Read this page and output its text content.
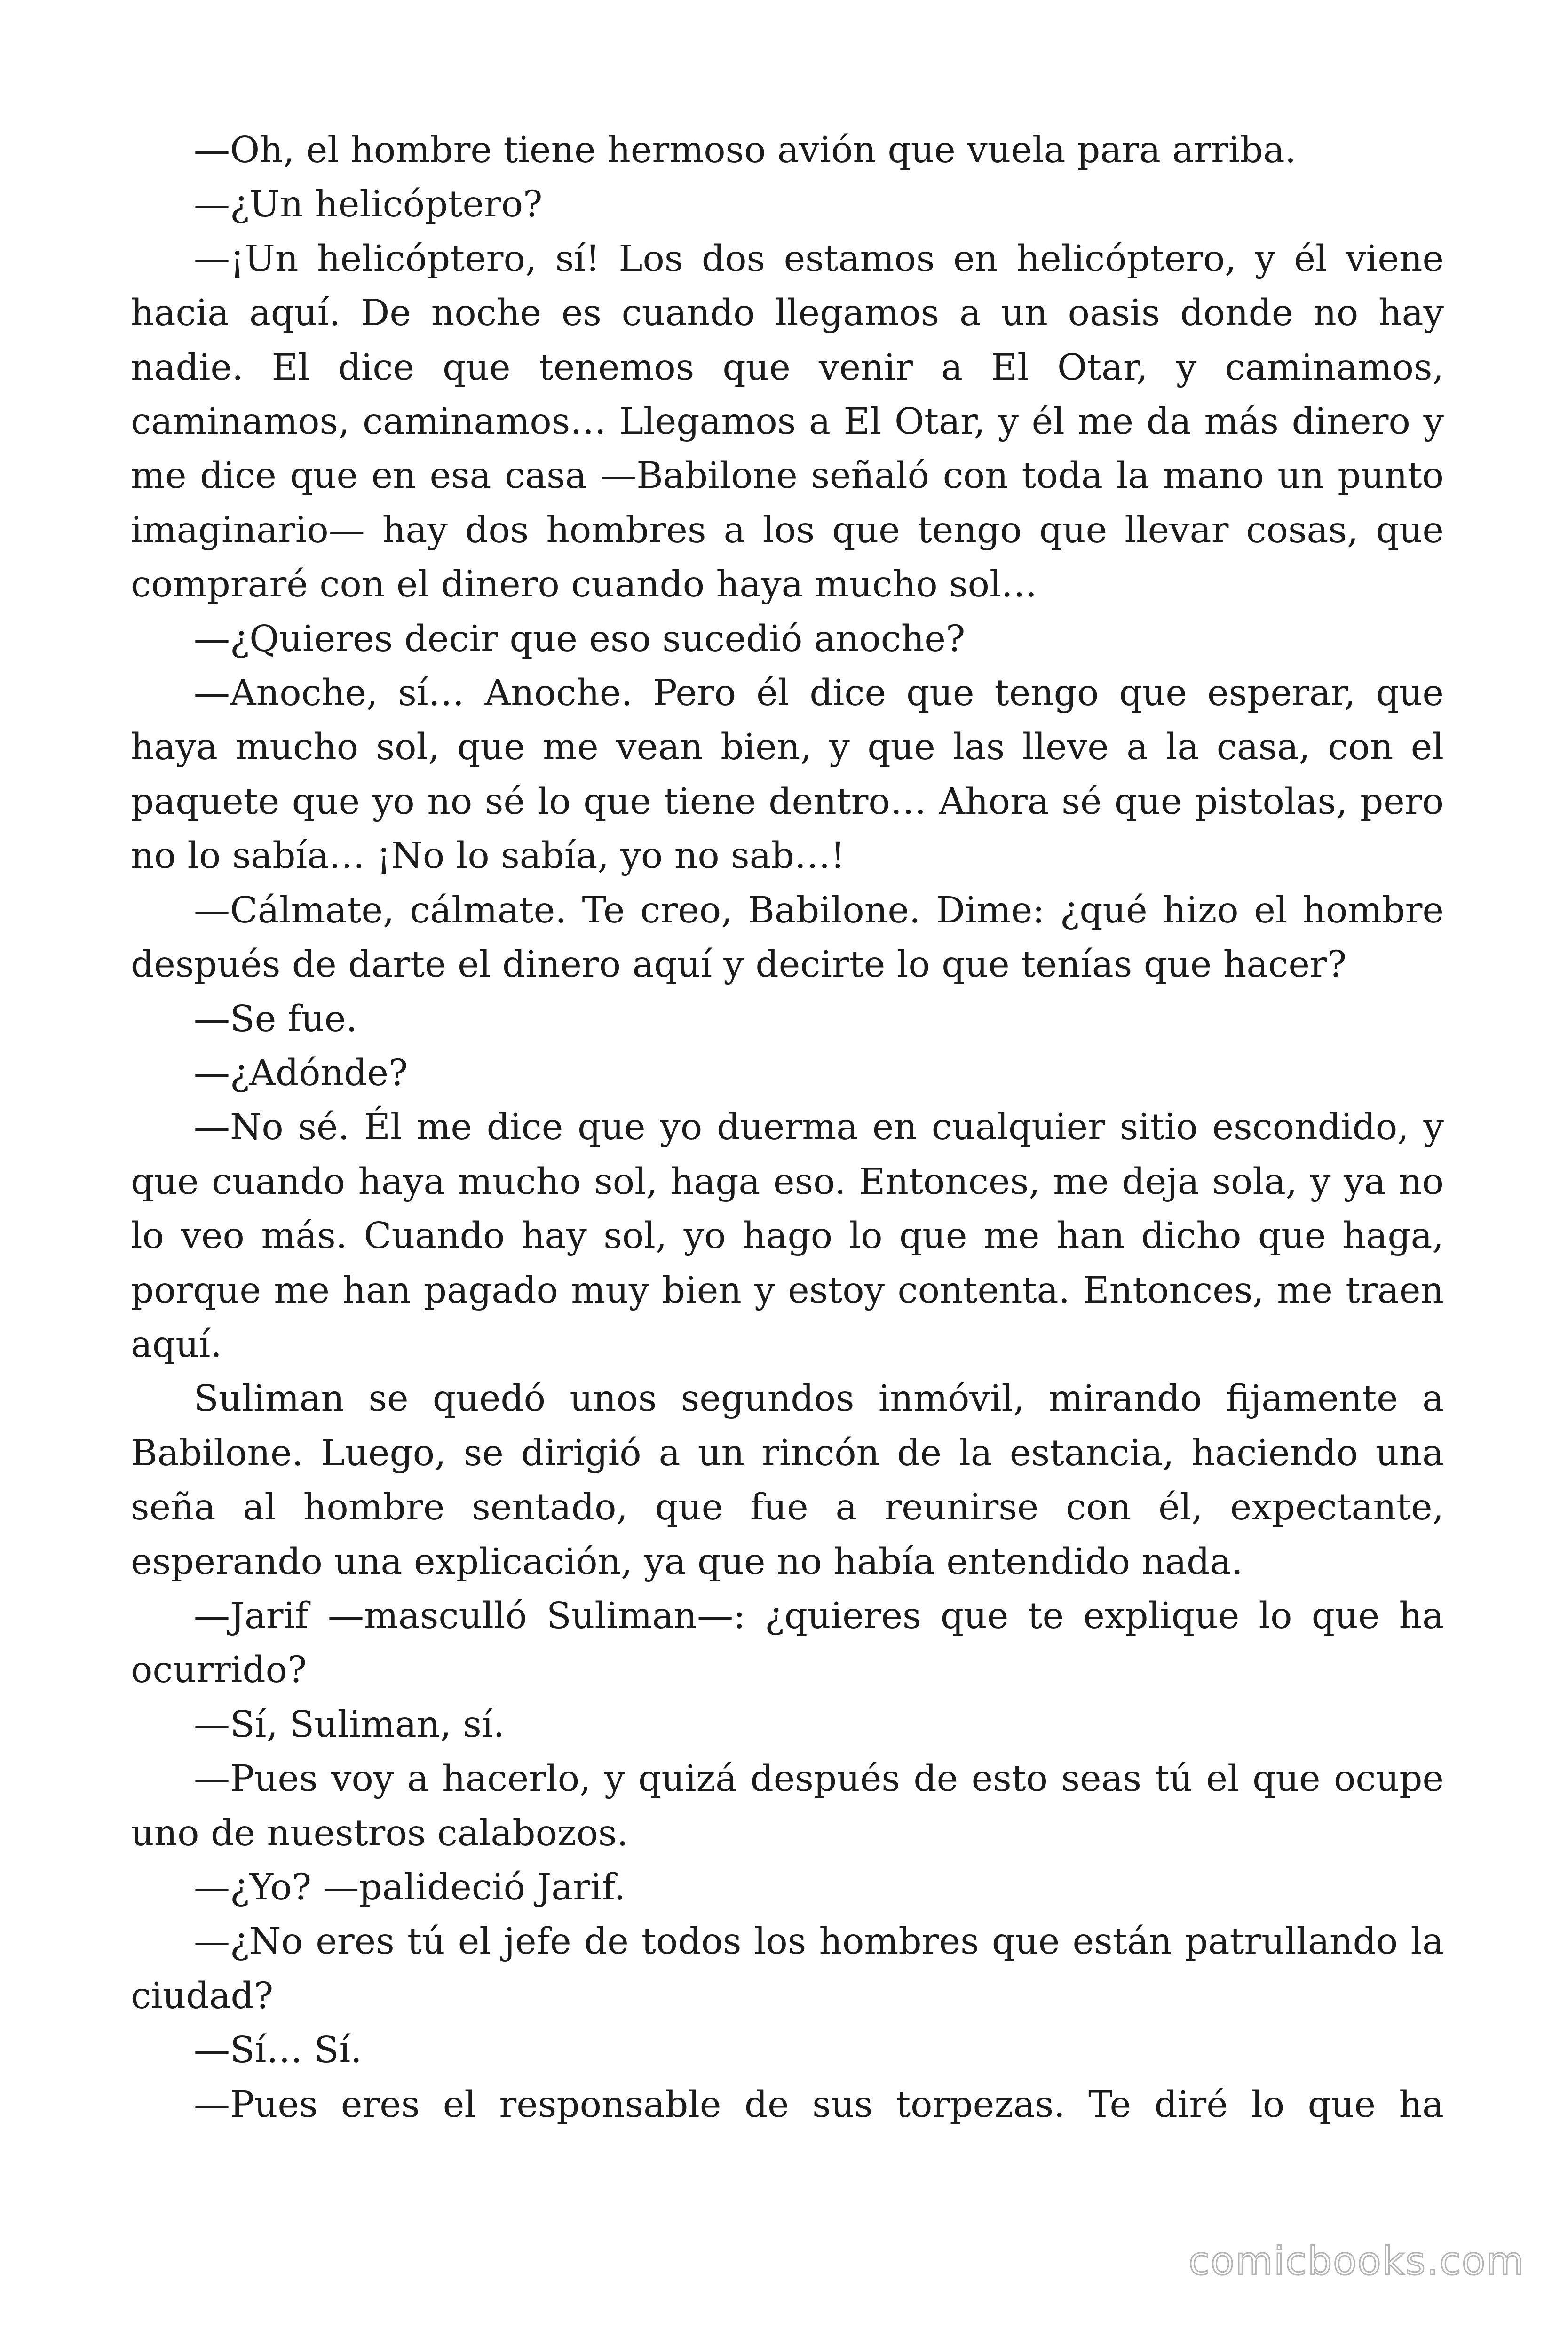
—Oh, el hombre tiene hermoso avión que vuela para arriba.

—¿Un helicóptero?

—¡Un helicóptero, sí! Los dos estamos en helicóptero, y él viene hacia aquí. De noche es cuando llegamos a un oasis donde no hay nadie. El dice que tenemos que venir a El Otar, y caminamos, caminamos, caminamos… Llegamos a El Otar, y él me da más dinero y me dice que en esa casa —Babilone señaló con toda la mano un punto imaginario— hay dos hombres a los que tengo que llevar cosas, que compraré con el dinero cuando haya mucho sol…

—¿Quieres decir que eso sucedió anoche?

—Anoche, sí… Anoche. Pero él dice que tengo que esperar, que haya mucho sol, que me vean bien, y que las lleve a la casa, con el paquete que yo no sé lo que tiene dentro… Ahora sé que pistolas, pero no lo sabía… ¡No lo sabía, yo no sab…!

—Cálmate, cálmate. Te creo, Babilone. Dime: ¿qué hizo el hombre después de darte el dinero aquí y decirte lo que tenías que hacer?

—Se fue.

—¿Adónde?

—No sé. Él me dice que yo duerma en cualquier sitio escondido, y que cuando haya mucho sol, haga eso. Entonces, me deja sola, y ya no lo veo más. Cuando hay sol, yo hago lo que me han dicho que haga, porque me han pagado muy bien y estoy contenta. Entonces, me traen aquí.

Suliman se quedó unos segundos inmóvil, mirando fijamente a Babilone. Luego, se dirigió a un rincón de la estancia, haciendo una seña al hombre sentado, que fue a reunirse con él, expectante, esperando una explicación, ya que no había entendido nada.

—Jarif —masculló Suliman—: ¿quieres que te explique lo que ha ocurrido?

—Sí, Suliman, sí.

—Pues voy a hacerlo, y quizá después de esto seas tú el que ocupe uno de nuestros calabozos.

—¿Yo? —palideció Jarif.

—¿No eres tú el jefe de todos los hombres que están patrullando la ciudad?

—Sí… Sí.

—Pues eres el responsable de sus torpezas. Te diré lo que ha

comicbooks.com
